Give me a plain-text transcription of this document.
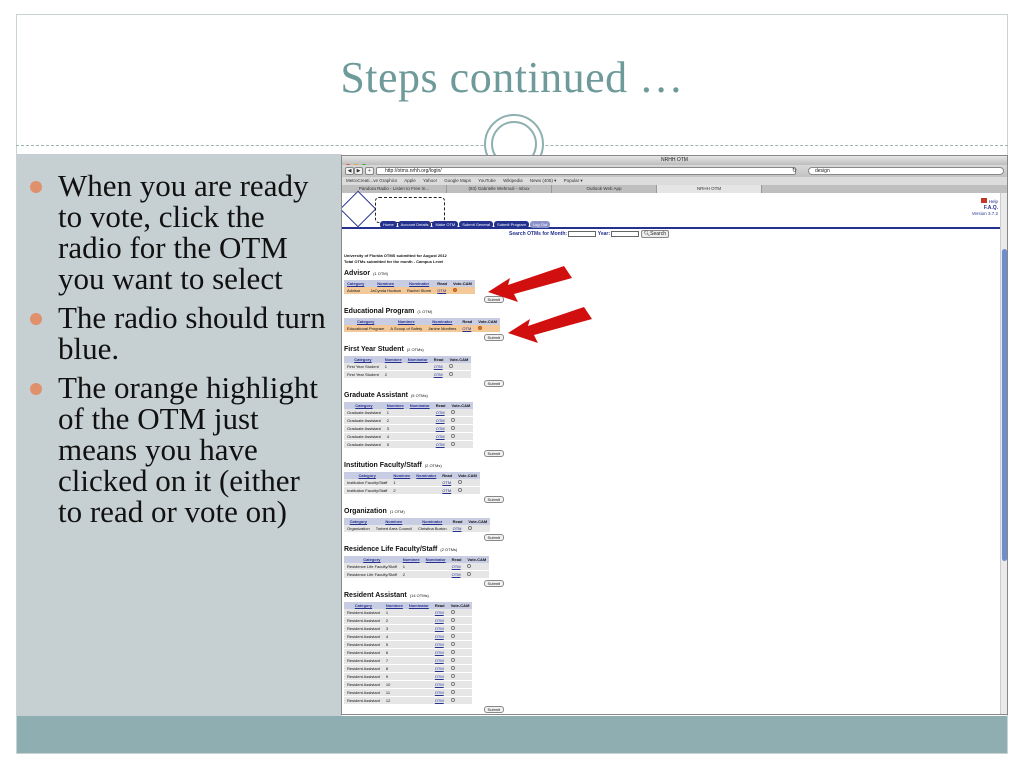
Steps continued …
When you are ready to vote, click the radio for the OTM you want to select
The radio should turn blue.
The orange highlight of the OTM just means you have clicked on it (either to read or vote on)
NRHH OTM
◀	▶	+	http://otms.nrhh.org/login/	↻	design
MetroCreati...ve Graphics Apple Yahoo! Google Maps YouTube Wikipedia News (405) ▾ Popular ▾
Pandora Radio - Listen to Free In...	(83) Gabrielle Wehmuli - Inbox	Outlook Web App	NRHH OTM
Home Account Details Make OTM Submit General Submit Program Log Out
Help
F.A.Q.
Version 3.7.2
Search OTMs for Month:	Year:	🔍︎Search
University of Florida OTMS submitted for August 2012
Total OTMs submitted for the month - Campus Level
Advisor (1 OTM)
Category	Nominee	Nominator	Read	Vote-CAM
Advisor	JaCynda Hudson	Rachel Storm	OTM	
Submit
Educational Program (1 OTM)
Category	Nominee	Nominator	Read	Vote-CAM
Educational Program	A Scoop of Safety	Janine Monfires	OTM	
Submit
First Year Student (2 OTMs)
Category	Nominee	Nominator	Read	Vote-CAM
First Year Student	1		OTM	
First Year Student	2		OTM	
Submit
Graduate Assistant (5 OTMs)
Category	Nominee	Nominator	Read	Vote-CAM
Graduate Assistant	1		OTM	
Graduate Assistant	2		OTM	
Graduate Assistant	3		OTM	
Graduate Assistant	4		OTM	
Graduate Assistant	5		OTM	
Submit
Institution Faculty/Staff (2 OTMs)
Category	Nominee	Nominator	Read	Vote-CAM
Institution Faculty/Staff	1		OTM	
Institution Faculty/Staff	2		OTM	
Submit
Organization (1 OTM)
Category	Nominee	Nominator	Read	Vote-CAM
Organization	Torbert Area Council	Christina Burton	OTM	
Submit
Residence Life Faculty/Staff (2 OTMs)
Category	Nominee	Nominator	Read	Vote-CAM
Residence Life Faculty/Staff	1		OTM	
Residence Life Faculty/Staff	2		OTM	
Submit
Resident Assistant (14 OTMs)
Category	Nominee	Nominator	Read	Vote-CAM
Resident Assistant	1		OTM	
Resident Assistant	2		OTM	
Resident Assistant	3		OTM	
Resident Assistant	4		OTM	
Resident Assistant	5		OTM	
Resident Assistant	6		OTM	
Resident Assistant	7		OTM	
Resident Assistant	8		OTM	
Resident Assistant	9		OTM	
Resident Assistant	10		OTM	
Resident Assistant	11		OTM	
Resident Assistant	12		OTM	
Submit
